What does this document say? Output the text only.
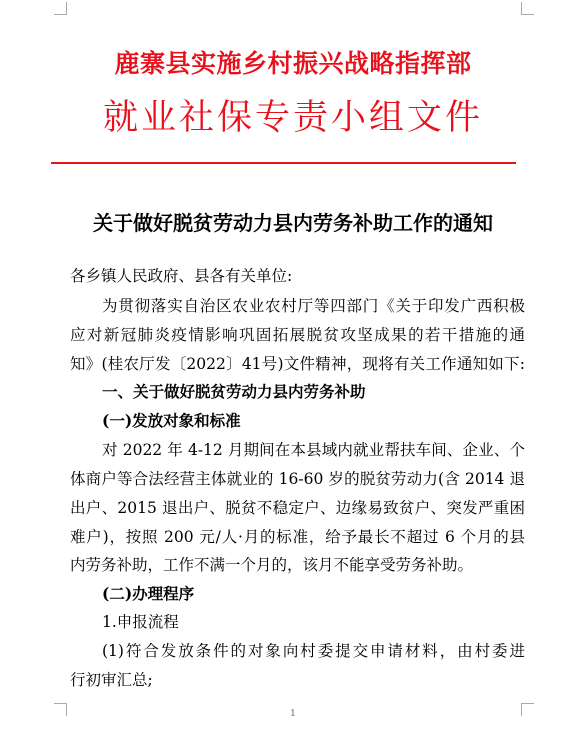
鹿寨县实施乡村振兴战略指挥部
就业社保专责小组文件
关于做好脱贫劳动力县内劳务补助工作的通知
各乡镇人民政府、县各有关单位:
为贯彻落实自治区农业农村厅等四部门《关于印发广西积极
应对新冠肺炎疫情影响巩固拓展脱贫攻坚成果的若干措施的通
知》(桂农厅发〔2022〕41号)文件精神，现将有关工作通知如下:
一、关于做好脱贫劳动力县内劳务补助
(一)发放对象和标准
对 2022 年 4-12 月期间在本县域内就业帮扶车间、企业、个
体商户等合法经营主体就业的 16-60 岁的脱贫劳动力(含 2014 退
出户、2015 退出户、脱贫不稳定户、边缘易致贫户、突发严重困
难户)，按照 200 元/人·月的标准，给予最长不超过 6 个月的县
内劳务补助，工作不满一个月的，该月不能享受劳务补助。
(二)办理程序
1.申报流程
(1)符合发放条件的对象向村委提交申请材料，由村委进
行初审汇总;
1
